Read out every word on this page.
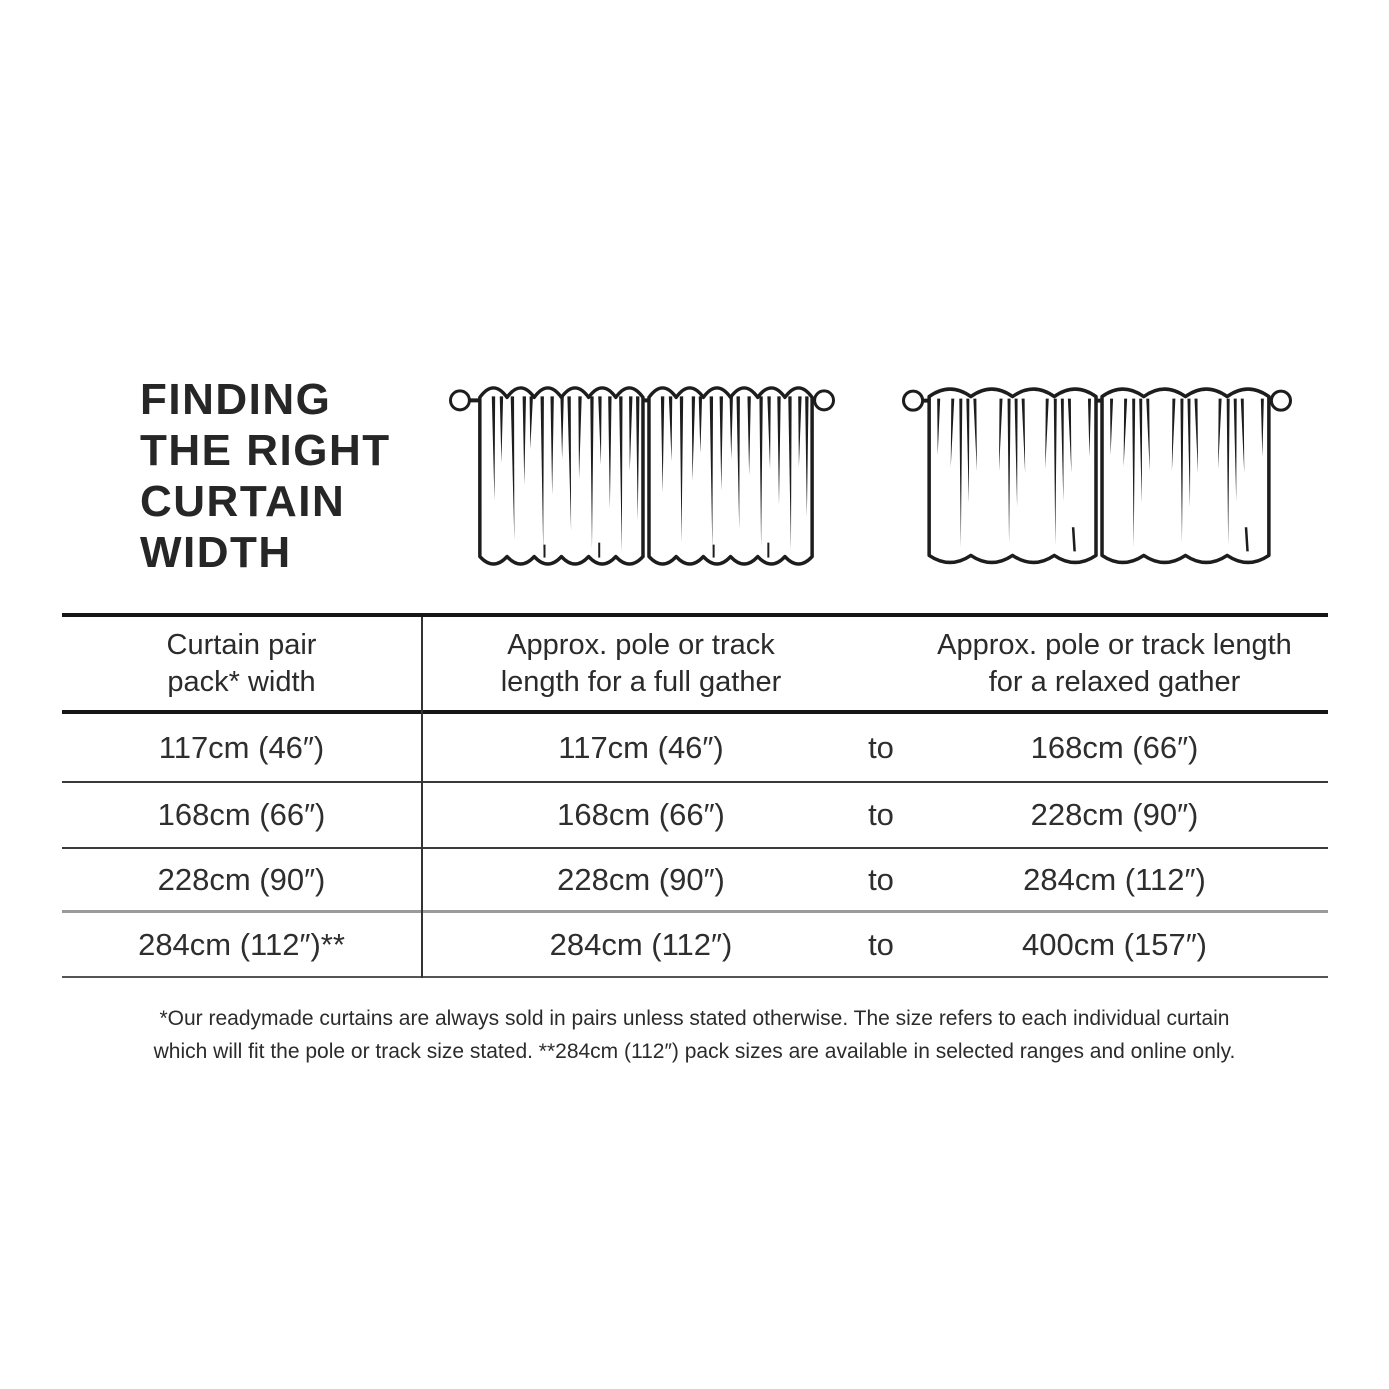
FINDING
THE RIGHT
CURTAIN
WIDTH
Curtain pair
pack* width
Approx. pole or track
length for a full gather
Approx. pole or track length
for a relaxed gather
117cm (46″)	117cm (46″)	to	168cm (66″)
168cm (66″)	168cm (66″)	to	228cm (90″)
228cm (90″)	228cm (90″)	to	284cm (112″)
284cm (112″)**	284cm (112″)	to	400cm (157″)
*Our readymade curtains are always sold in pairs unless stated otherwise. The size refers to each individual curtain
which will fit the pole or track size stated. **284cm (112″) pack sizes are available in selected ranges and online only.
